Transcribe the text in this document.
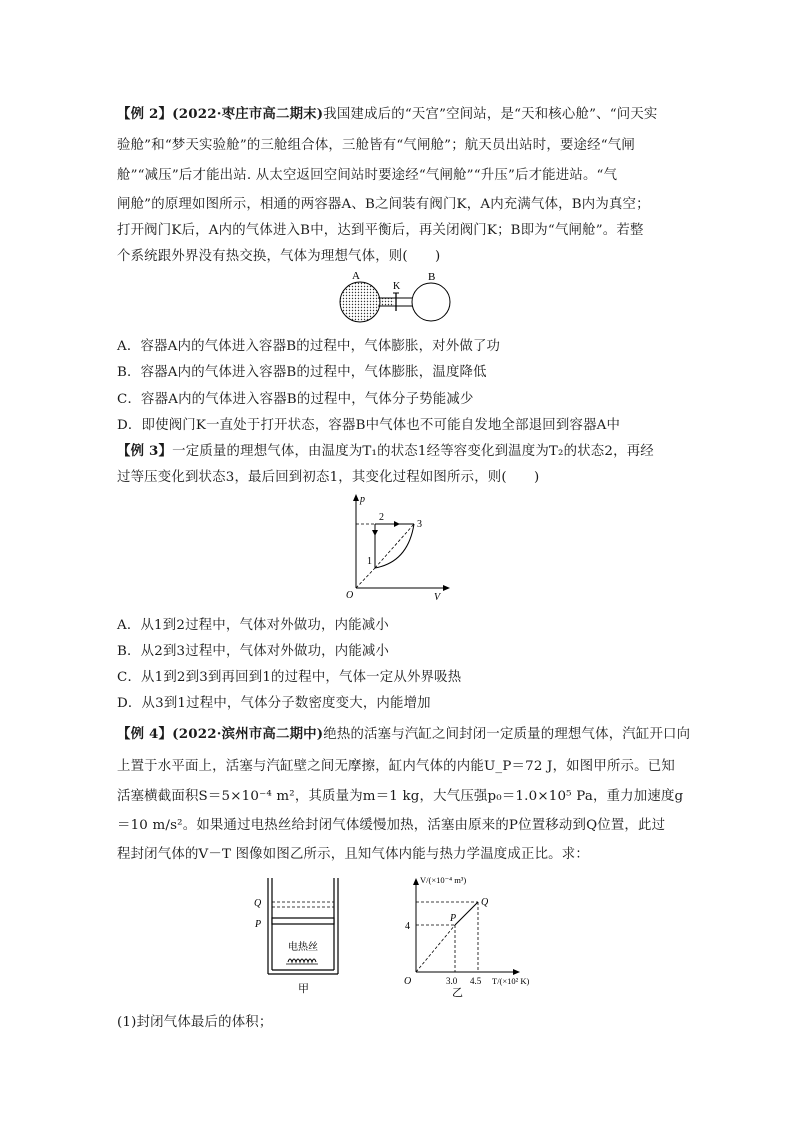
【例 2】(2022·枣庄市高二期末)我国建成后的“天宫”空间站，是“天和核心舱”、“问天实
验舱”和“梦天实验舱”的三舱组合体，三舱皆有“气闸舱”；航天员出站时，要途经“气闸
舱”“减压”后才能出站. 从太空返回空间站时要途经“气闸舱”“升压”后才能进站。“气
闸舱”的原理如图所示，相通的两容器A、B之间装有阀门K，A内充满气体，B内为真空；
打开阀门K后，A内的气体进入B中，达到平衡后，再关闭阀门K；B即为“气闸舱”。若整
个系统跟外界没有热交换，气体为理想气体，则(　　)
A
K
B
A．容器A内的气体进入容器B的过程中，气体膨胀，对外做了功
B．容器A内的气体进入容器B的过程中，气体膨胀，温度降低
C．容器A内的气体进入容器B的过程中，气体分子势能减少
D．即使阀门K一直处于打开状态，容器B中气体也不可能自发地全部退回到容器A中
【例 3】一定质量的理想气体，由温度为T₁的状态1经等容变化到温度为T₂的状态2，再经
过等压变化到状态3，最后回到初态1，其变化过程如图所示，则(　　)
p
V
O
1
2
3
A．从1到2过程中，气体对外做功，内能减小
B．从2到3过程中，气体对外做功，内能减小
C．从1到2到3到再回到1的过程中，气体一定从外界吸热
D．从3到1过程中，气体分子数密度变大，内能增加
【例 4】(2022·滨州市高二期中)绝热的活塞与汽缸之间封闭一定质量的理想气体，汽缸开口向
上置于水平面上，活塞与汽缸壁之间无摩擦，缸内气体的内能U_P＝72 J，如图甲所示。已知
活塞横截面积S＝5×10⁻⁴ m²，其质量为m＝1 kg，大气压强p₀＝1.0×10⁵ Pa，重力加速度g
＝10 m/s²。如果通过电热丝给封闭气体缓慢加热，活塞由原来的P位置移动到Q位置，此过
程封闭气体的V－T 图像如图乙所示，且知气体内能与热力学温度成正比。求：
Q
P
电热丝
甲
V/(×10⁻⁴ m³)
T/(×10² K)
O
4
3.0 4.5
P
Q
乙
(1)封闭气体最后的体积；
